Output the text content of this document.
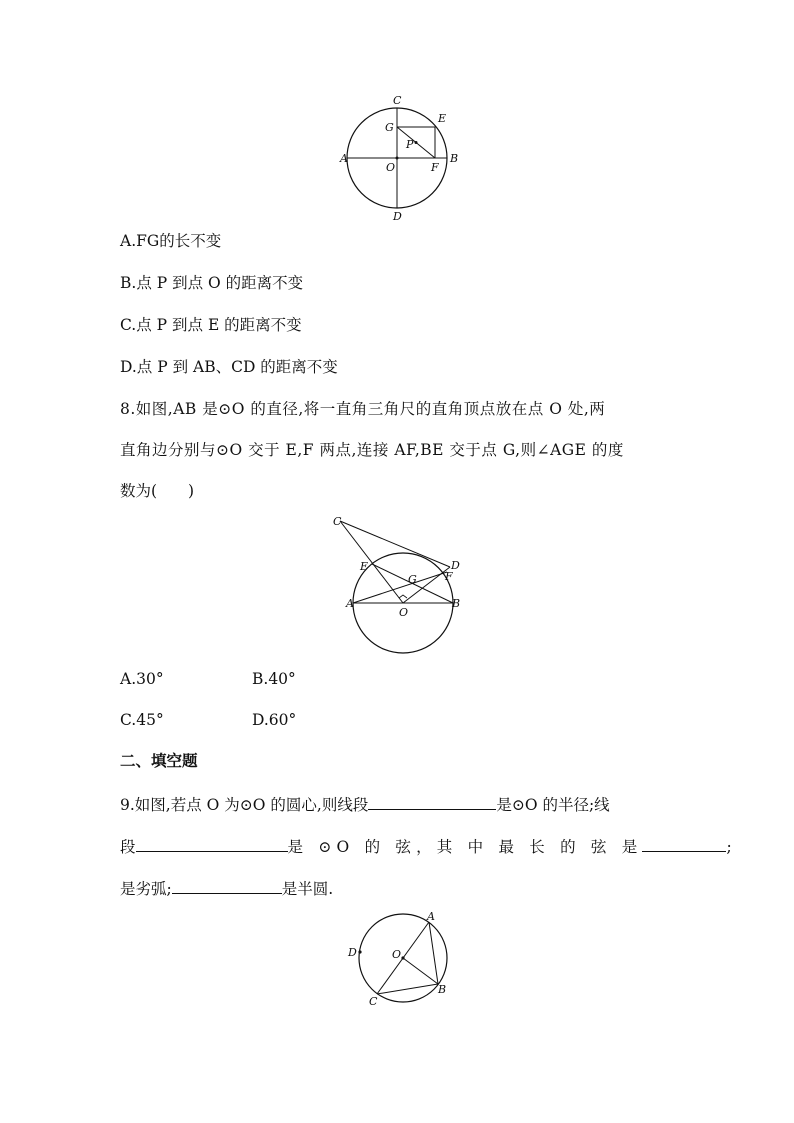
A	B
C
D
E
F
G
O
P
A.FG的长不变
B.点 P 到点 O 的距离不变
C.点 P 到点 E 的距离不变
D.点 P 到 AB、CD 的距离不变
8.如图,AB 是⊙O 的直径,将一直角三角尺的直角顶点放在点 O 处,两
直角边分别与⊙O 交于 E,F 两点,连接 AF,BE 交于点 G,则∠AGE 的度
数为(　　)
C
D
E
F
G
A	B
O
A.30°	B.40°
C.45°	D.60°
二、填空题
9.如图,若点 O 为⊙O 的圆心,则线段	是⊙O 的半径;线
段	是 ⊙O 的 弦，其 中 最 长 的 弦 是	;
是劣弧;	是半圆.
A
B
C
D	O
